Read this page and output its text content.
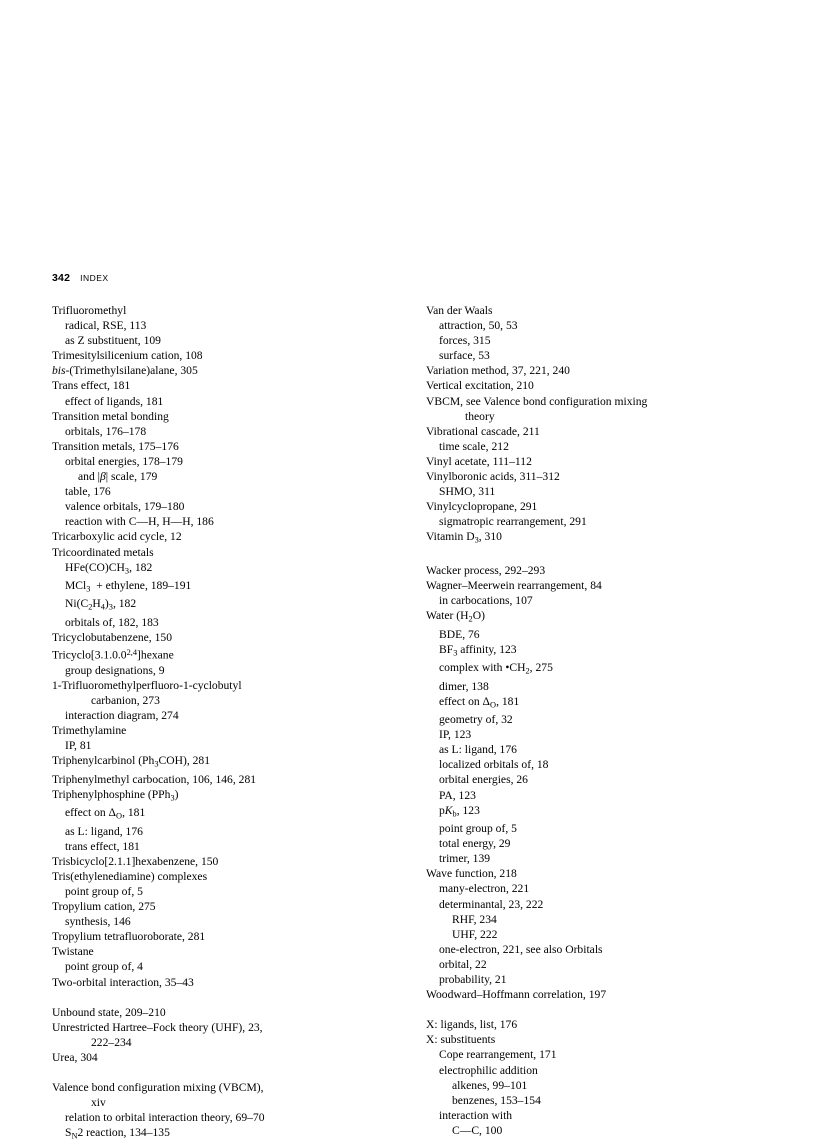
342 INDEX
Trifluoromethyl
radical, RSE, 113
as Z substituent, 109
Trimesitylsilicenium cation, 108
bis-(Trimethylsilane)alane, 305
Trans effect, 181
effect of ligands, 181
Transition metal bonding
orbitals, 176–178
Transition metals, 175–176
orbital energies, 178–179
and |β| scale, 179
table, 176
valence orbitals, 179–180
reaction with C—H, H—H, 186
Tricarboxylic acid cycle, 12
Tricoordinated metals
$HFe(CO)CH_3$, 182
MCl$_3$  + ethylene, 189–191
$Ni(C_2H_4)_3$, 182
orbitals of, 182, 183
Tricyclobutabenzene, 150
Tricyclo[3.1.0.0$^{2,4}$]hexane
group designations, 9
1-Trifluoromethylperfluoro-1-cyclobutyl
carbanion, 273
interaction diagram, 274
Trimethylamine
IP, 81
Triphenylcarbinol $(Ph_3COH)$, 281
Triphenylmethyl carbocation, 106, 146, 281
Triphenylphosphine (PPh$_3$)
effect on $\Delta_O$, 181
as L: ligand, 176
trans effect, 181
Trisbicyclo[2.1.1]hexabenzene, 150
Tris(ethylenediamine) complexes
point group of, 5
Tropylium cation, 275
synthesis, 146
Tropylium tetrafluoroborate, 281
Twistane
point group of, 4
Two-orbital interaction, 35–43
Unbound state, 209–210
Unrestricted Hartree–Fock theory (UHF), 23,
222–234
Urea, 304
Valence bond configuration mixing (VBCM),
xiv
relation to orbital interaction theory, 69–70
$S_N2$ reaction, 134–135
Van der Waals
attraction, 50, 53
forces, 315
surface, 53
Variation method, 37, 221, 240
Vertical excitation, 210
VBCM, see Valence bond configuration mixing
theory
Vibrational cascade, 211
time scale, 212
Vinyl acetate, 111–112
Vinylboronic acids, 311–312
SHMO, 311
Vinylcyclopropane, 291
sigmatropic rearrangement, 291
Vitamin $D_3$, 310
Wacker process, 292–293
Wagner–Meerwein rearrangement, 84
in carbocations, 107
Water $(H_2O)$
BDE, 76
$BF_3$ affinity, 123
complex with $•CH_2$, 275
dimer, 138
effect on $\Delta_O$, 181
geometry of, 32
IP, 123
as L: ligand, 176
localized orbitals of, 18
orbital energies, 26
PA, 123
$pK_b$, 123
point group of, 5
total energy, 29
trimer, 139
Wave function, 218
many-electron, 221
determinantal, 23, 222
RHF, 234
UHF, 222
one-electron, 221, see also Orbitals
orbital, 22
probability, 21
Woodward–Hoffmann correlation, 197
X: ligands, list, 176
X: substituents
Cope rearrangement, 171
electrophilic addition
alkenes, 99–101
benzenes, 153–154
interaction with
C—C, 100
